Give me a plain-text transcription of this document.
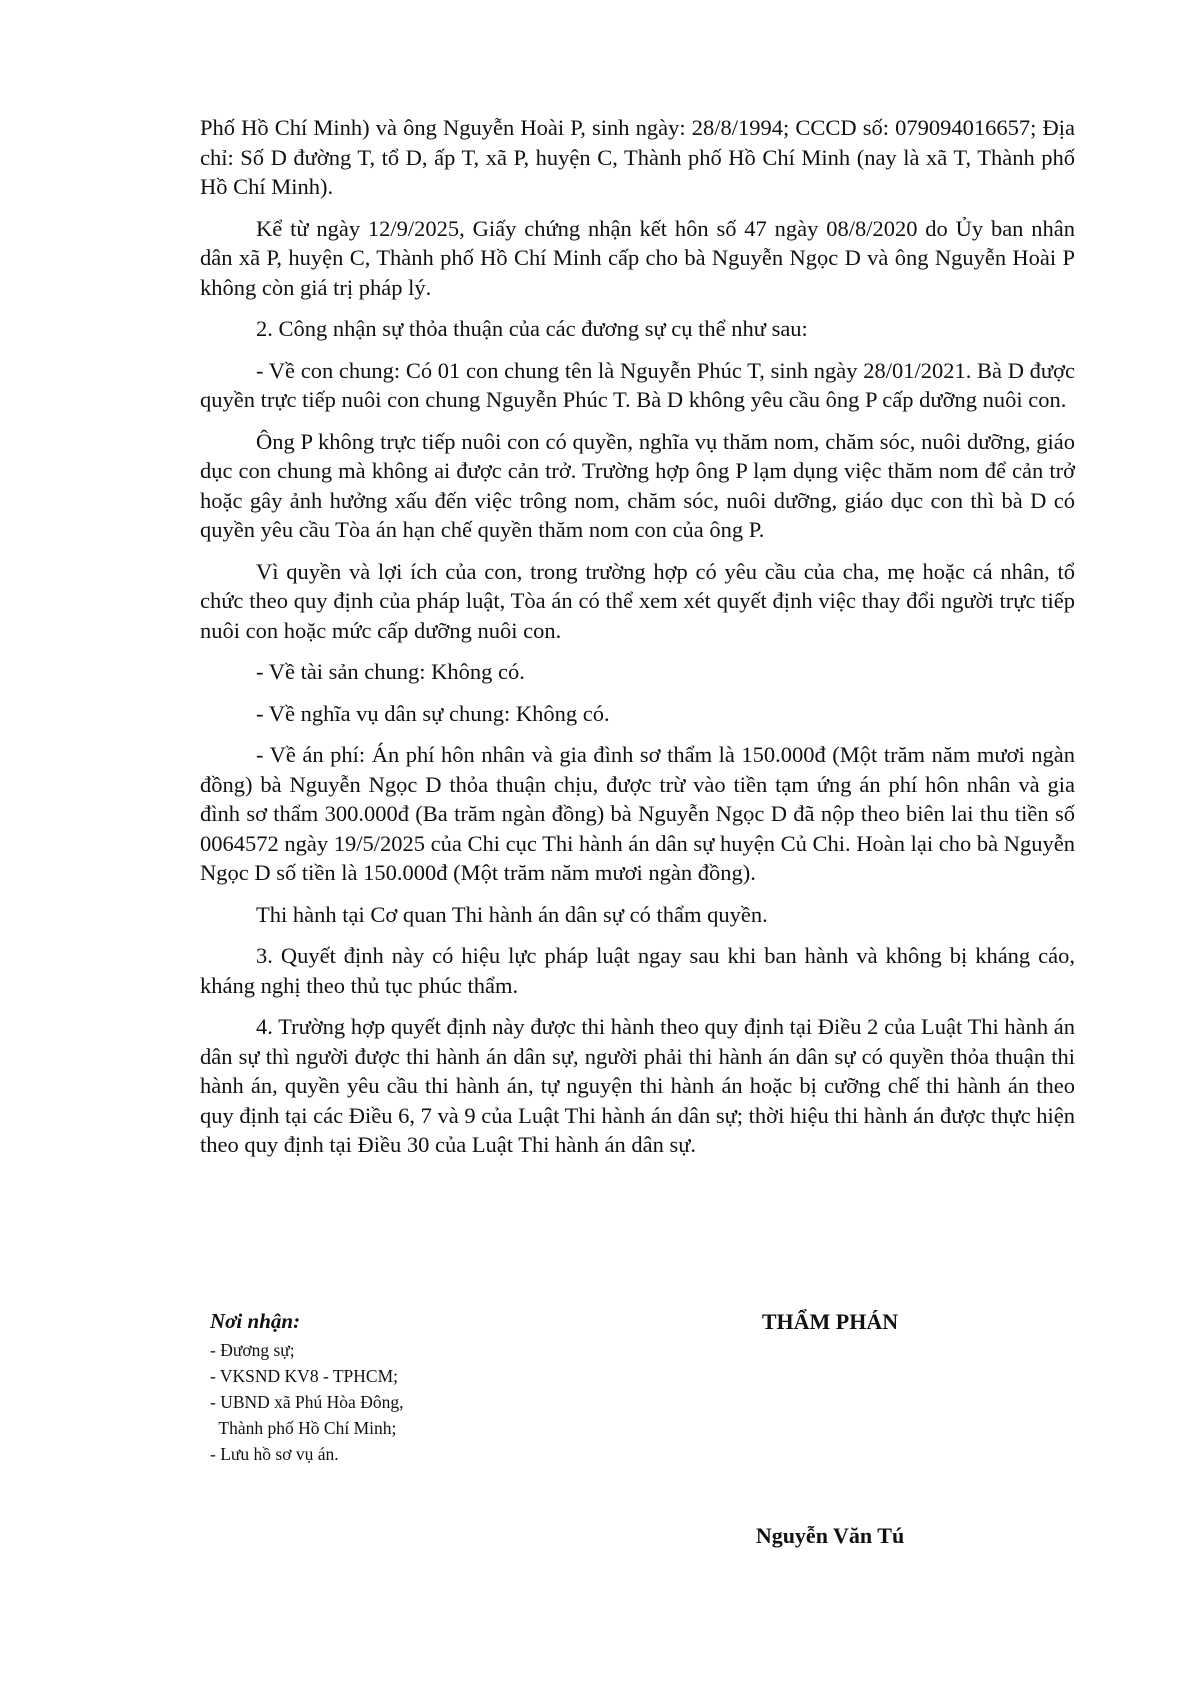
Phố Hồ Chí Minh) và ông Nguyễn Hoài P, sinh ngày: 28/8/1994; CCCD số: 079094016657; Địa chỉ: Số D đường T, tổ D, ấp T, xã P, huyện C, Thành phố Hồ Chí Minh (nay là xã T, Thành phố Hồ Chí Minh).

Kể từ ngày 12/9/2025, Giấy chứng nhận kết hôn số 47 ngày 08/8/2020 do Ủy ban nhân dân xã P, huyện C, Thành phố Hồ Chí Minh cấp cho bà Nguyễn Ngọc D và ông Nguyễn Hoài P không còn giá trị pháp lý.

2. Công nhận sự thỏa thuận của các đương sự cụ thể như sau:

- Về con chung: Có 01 con chung tên là Nguyễn Phúc T, sinh ngày 28/01/2021. Bà D được quyền trực tiếp nuôi con chung Nguyễn Phúc T. Bà D không yêu cầu ông P cấp dưỡng nuôi con.

Ông P không trực tiếp nuôi con có quyền, nghĩa vụ thăm nom, chăm sóc, nuôi dưỡng, giáo dục con chung mà không ai được cản trở. Trường hợp ông P lạm dụng việc thăm nom để cản trở hoặc gây ảnh hưởng xấu đến việc trông nom, chăm sóc, nuôi dưỡng, giáo dục con thì bà D có quyền yêu cầu Tòa án hạn chế quyền thăm nom con của ông P.

Vì quyền và lợi ích của con, trong trường hợp có yêu cầu của cha, mẹ hoặc cá nhân, tổ chức theo quy định của pháp luật, Tòa án có thể xem xét quyết định việc thay đổi người trực tiếp nuôi con hoặc mức cấp dưỡng nuôi con.

- Về tài sản chung: Không có.

- Về nghĩa vụ dân sự chung: Không có.

- Về án phí: Án phí hôn nhân và gia đình sơ thẩm là 150.000đ (Một trăm năm mươi ngàn đồng) bà Nguyễn Ngọc D thỏa thuận chịu, được trừ vào tiền tạm ứng án phí hôn nhân và gia đình sơ thẩm 300.000đ (Ba trăm ngàn đồng) bà Nguyễn Ngọc D đã nộp theo biên lai thu tiền số 0064572 ngày 19/5/2025 của Chi cục Thi hành án dân sự huyện Củ Chi. Hoàn lại cho bà Nguyễn Ngọc D số tiền là 150.000đ (Một trăm năm mươi ngàn đồng).

Thi hành tại Cơ quan Thi hành án dân sự có thẩm quyền.

3. Quyết định này có hiệu lực pháp luật ngay sau khi ban hành và không bị kháng cáo, kháng nghị theo thủ tục phúc thẩm.

4. Trường hợp quyết định này được thi hành theo quy định tại Điều 2 của Luật Thi hành án dân sự thì người được thi hành án dân sự, người phải thi hành án dân sự có quyền thỏa thuận thi hành án, quyền yêu cầu thi hành án, tự nguyện thi hành án hoặc bị cưỡng chế thi hành án theo quy định tại các Điều 6, 7 và 9 của Luật Thi hành án dân sự; thời hiệu thi hành án được thực hiện theo quy định tại Điều 30 của Luật Thi hành án dân sự.

Nơi nhận:

- Đương sự;

- VKSND KV8 - TPHCM;

- UBND xã Phú Hòa Đông,

Thành phố Hồ Chí Minh;

- Lưu hồ sơ vụ án.

THẨM PHÁN

Nguyễn Văn Tú
